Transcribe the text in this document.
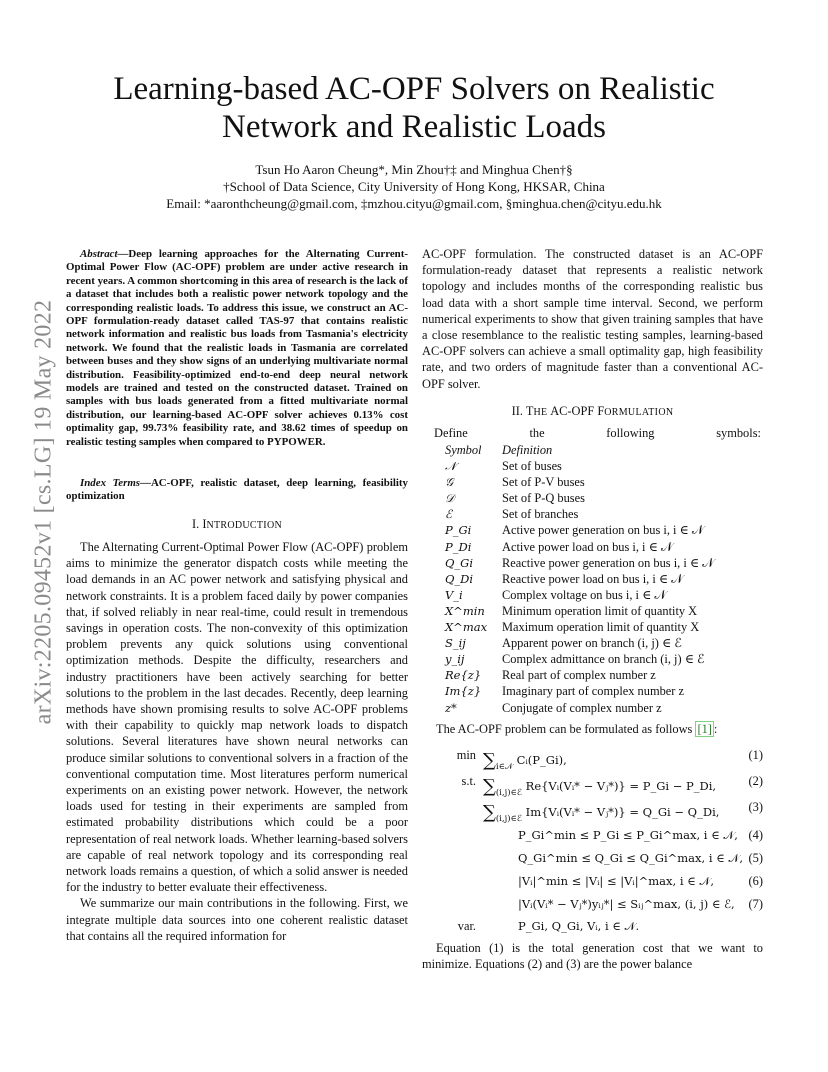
arXiv:2205.09452v1 [cs.LG] 19 May 2022
Learning-based AC-OPF Solvers on Realistic
Network and Realistic Loads
Tsun Ho Aaron Cheung*, Min Zhou†‡ and Minghua Chen†§
†School of Data Science, City University of Hong Kong, HKSAR, China
Email: *aaronthcheung@gmail.com, ‡mzhou.cityu@gmail.com, §minghua.chen@cityu.edu.hk
Abstract—Deep learning approaches for the Alternating Current-Optimal Power Flow (AC-OPF) problem are under active research in recent years. A common shortcoming in this area of research is the lack of a dataset that includes both a realistic power network topology and the corresponding realistic loads. To address this issue, we construct an AC-OPF formulation-ready dataset called TAS-97 that contains realistic network information and realistic bus loads from Tasmania's electricity network. We found that the realistic loads in Tasmania are correlated between buses and they show signs of an underlying multivariate normal distribution. Feasibility-optimized end-to-end deep neural network models are trained and tested on the constructed dataset. Trained on samples with bus loads generated from a fitted multivariate normal distribution, our learning-based AC-OPF solver achieves 0.13% cost optimality gap, 99.73% feasibility rate, and 38.62 times of speedup on realistic testing samples when compared to PYPOWER.
Index Terms—AC-OPF, realistic dataset, deep learning, feasibility optimization
I. INTRODUCTION

The Alternating Current-Optimal Power Flow (AC-OPF) problem aims to minimize the generator dispatch costs while meeting the load demands in an AC power network and satisfying physical and network constraints. It is a problem faced daily by power companies that, if solved reliably in near real-time, could result in tremendous savings in operation costs. The non-convexity of this optimization problem prevents any quick solutions using conventional optimization methods. Despite the difficulty, researchers and industry practitioners have been actively searching for better solutions to the problem in the last decades. Recently, deep learning methods have shown promising results to solve AC-OPF problems with their capability to quickly map network loads to dispatch solutions. Several literatures have shown neural networks can produce similar solutions to conventional solvers in a fraction of the conventional computation time. Most literatures perform numerical experiments on an existing power network. However, the network loads used for testing in their experiments are sampled from estimated probability distributions which could be a poor representation of real network loads. Whether learning-based solvers are capable of real network topology and its corresponding real network loads remains a question, of which a solid answer is needed for the industry to better evaluate their effectiveness.

We summarize our main contributions in the following. First, we integrate multiple data sources into one coherent realistic dataset that contains all the required information for

AC-OPF formulation. The constructed dataset is an AC-OPF formulation-ready dataset that represents a realistic network topology and includes months of the corresponding realistic bus load data with a short sample time interval. Second, we perform numerical experiments to show that given training samples that have a close resemblance to the realistic testing samples, learning-based AC-OPF solvers can achieve a small optimality gap, high feasibility rate, and two orders of magnitude faster than a conventional AC-OPF solver.
II. THE AC-OPF FORMULATION
Define	the	following	symbols:
Symbol	Definition
𝒩	Set of buses
𝒢	Set of P-V buses
𝒟	Set of P-Q buses
ℰ	Set of branches
P_Gi	Active power generation on bus i, i ∈ 𝒩
P_Di	Active power load on bus i, i ∈ 𝒩
Q_Gi	Reactive power generation on bus i, i ∈ 𝒩
Q_Di	Reactive power load on bus i, i ∈ 𝒩
V_i	Complex voltage on bus i, i ∈ 𝒩
X^min	Minimum operation limit of quantity X
X^max	Maximum operation limit of quantity X
S_ij	Apparent power on branch (i, j) ∈ ℰ
y_ij	Complex admittance on branch (i, j) ∈ ℰ
Re{z}	Real part of complex number z
Im{z}	Imaginary part of complex number z
z*	Conjugate of complex number z
The AC-OPF problem can be formulated as follows [1] :
$\min \sum_{i\in 𝒩}$ Cᵢ(P_Gi),	(1)
s.t. $\sum_{(i,j)\in ℰ}$ Re{Vᵢ(Vᵢ* − Vⱼ*)} = P_Gi − P_Di,	(2)
$\sum_{(i,j)\in ℰ}$ Im{Vᵢ(Vᵢ* − Vⱼ*)} = Q_Gi − Q_Di, (3)
P_Gi^min ≤ P_Gi ≤ P_Gi^max, i ∈ 𝒩, (4)
Q_Gi^min ≤ Q_Gi ≤ Q_Gi^max, i ∈ 𝒩, (5)
|Vᵢ|^min ≤ |Vᵢ| ≤ |Vᵢ|^max, i ∈ 𝒩,	(6)
|Vᵢ(Vᵢ* − Vⱼ*)yᵢⱼ*| ≤ Sᵢⱼ^max, (i, j) ∈ ℰ, (7)
var.	P_Gi, Q_Gi, Vᵢ, i ∈ 𝒩.

Equation (1) is the total generation cost that we want to minimize. Equations (2) and (3) are the power balance
